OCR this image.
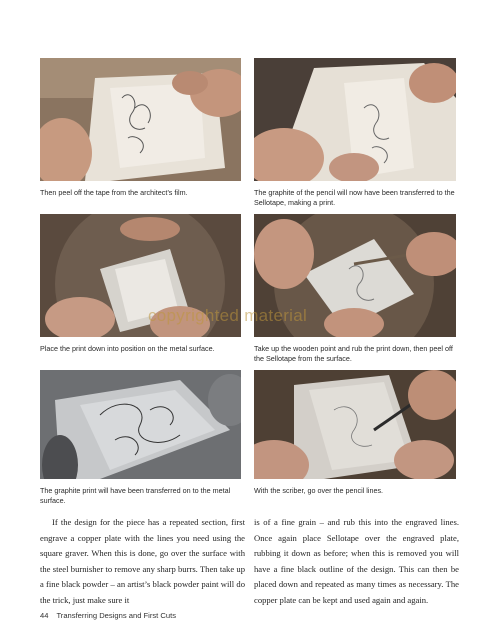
Then peel off the tape from the architect’s film.	The graphite of the pencil will now have been transferred to the Sellotape, making a print.
Place the print down into position on the metal surface.	Take up the wooden point and rub the print down, then peel off the Sellotape from the surface.
The graphite print will have been transferred on to the metal surface.
With the scriber, go over the pencil lines.
copyrighted material
If the design for the piece has a repeated section, first engrave a copper plate with the lines you need using the square graver. When this is done, go over the surface with the steel burnisher to remove any sharp burrs. Then take up a fine black powder – an artist’s black powder paint will do the trick, just make sure it
is of a fine grain – and rub this into the engraved lines. Once again place Sellotape over the engraved plate, rubbing it down as before; when this is removed you will have a fine black outline of the design. This can then be placed down and repeated as many times as necessary. The copper plate can be kept and used again and again.
44 Transferring Designs and First Cuts
